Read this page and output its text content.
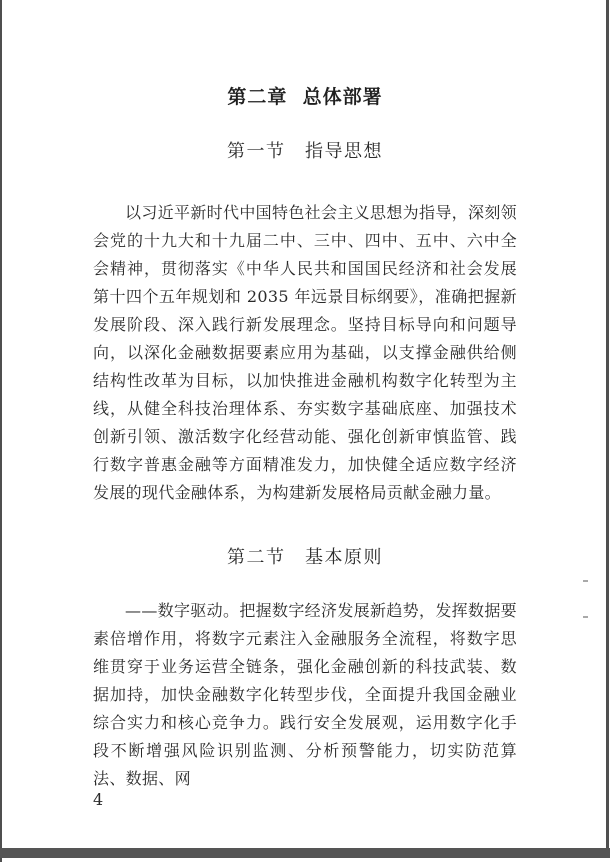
第二章  总体部署
第一节　指导思想
以习近平新时代中国特色社会主义思想为指导，深刻领会党的十九大和十九届二中、三中、四中、五中、六中全会精神，贯彻落实《中华人民共和国国民经济和社会发展第十四个五年规划和 2035 年远景目标纲要》，准确把握新发展阶段、深入践行新发展理念。坚持目标导向和问题导向，以深化金融数据要素应用为基础，以支撑金融供给侧结构性改革为目标，以加快推进金融机构数字化转型为主线，从健全科技治理体系、夯实数字基础底座、加强技术创新引领、激活数字化经营动能、强化创新审慎监管、践行数字普惠金融等方面精准发力，加快健全适应数字经济发展的现代金融体系，为构建新发展格局贡献金融力量。
第二节　基本原则
——数字驱动。把握数字经济发展新趋势，发挥数据要素倍增作用，将数字元素注入金融服务全流程，将数字思维贯穿于业务运营全链条，强化金融创新的科技武装、数据加持，加快金融数字化转型步伐，全面提升我国金融业综合实力和核心竞争力。践行安全发展观，运用数字化手段不断增强风险识别监测、分析预警能力，切实防范算法、数据、网
4
